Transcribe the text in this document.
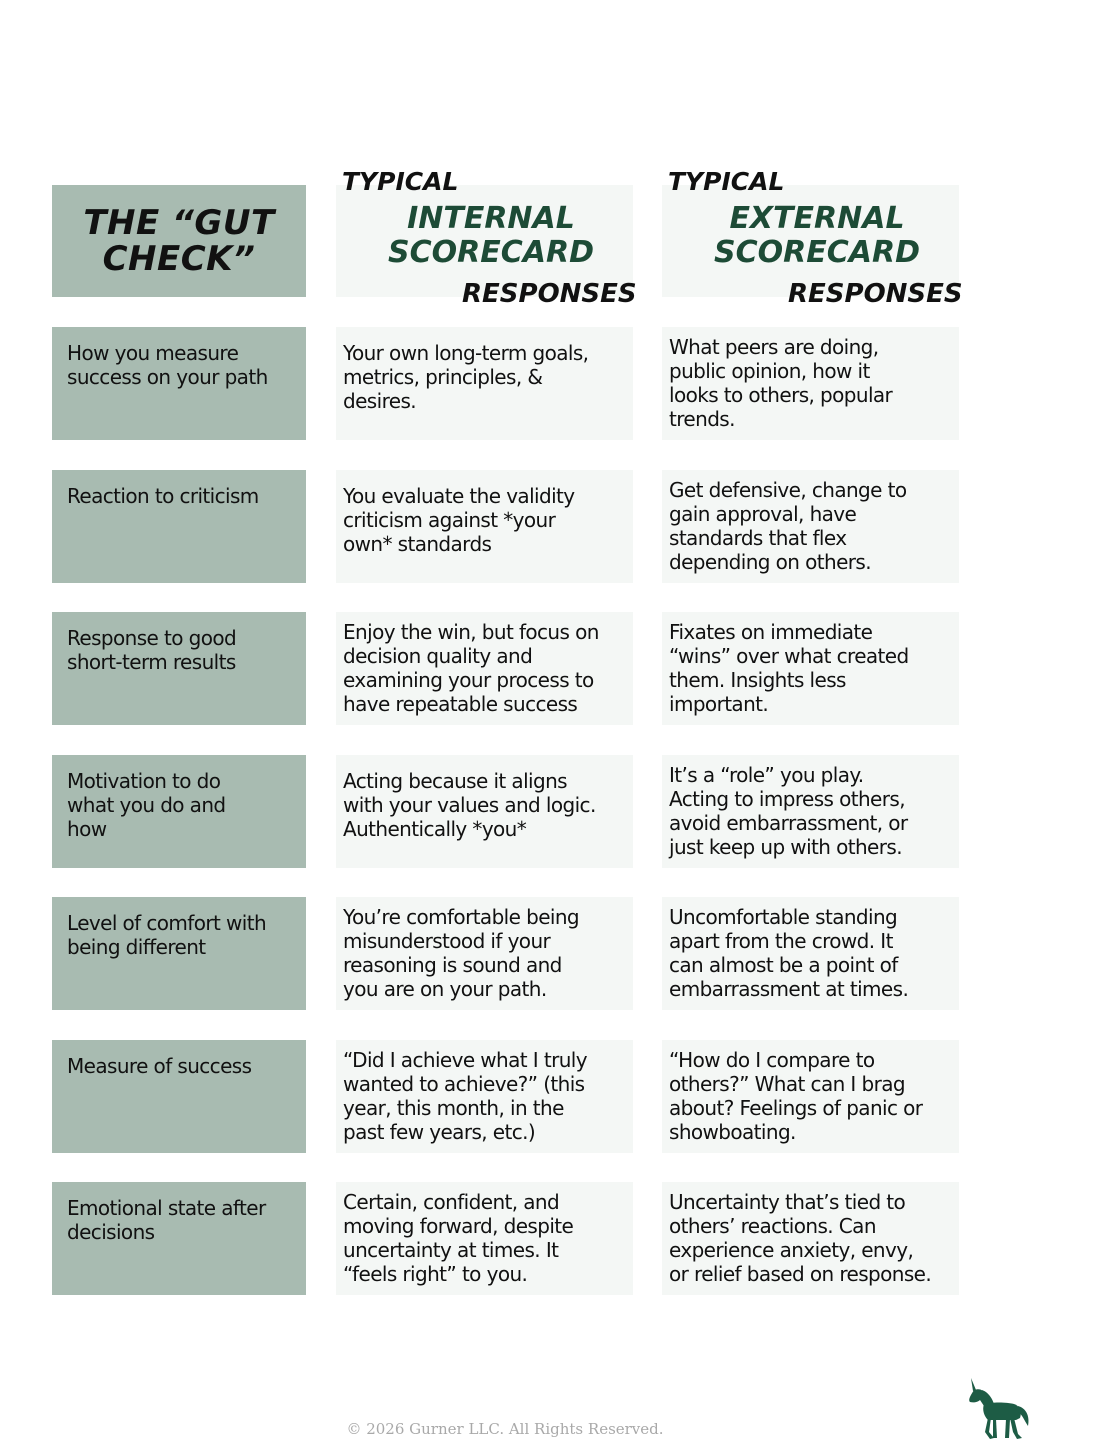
THE “GUT
CHECK”
TYPICAL
INTERNAL
SCORECARD
RESPONSES
TYPICAL
EXTERNAL
SCORECARD
RESPONSES
How you measure
success on your path
Your own long-term goals,
metrics, principles, &
desires.
What peers are doing,
public opinion, how it
looks to others, popular
trends.
Reaction to criticism	You evaluate the validity
criticism against *your
own* standards
Get defensive, change to
gain approval, have
standards that flex
depending on others.
Response to good
short-term results
Enjoy the win, but focus on
decision quality and
examining your process to
have repeatable success
Fixates on immediate
“wins” over what created
them. Insights less
important.
Motivation to do
what you do and
how
Acting because it aligns
with your values and logic.
Authentically *you*
It’s a “role” you play.
Acting to impress others,
avoid embarrassment, or
just keep up with others.
Level of comfort with
being different
You’re comfortable being
misunderstood if your
reasoning is sound and
you are on your path.
Uncomfortable standing
apart from the crowd. It
can almost be a point of
embarrassment at times.
Measure of success	“Did I achieve what I truly
wanted to achieve?” (this
year, this month, in the
past few years, etc.)
“How do I compare to
others?” What can I brag
about? Feelings of panic or
showboating.
Emotional state after
decisions
Certain, confident, and
moving forward, despite
uncertainty at times. It
“feels right” to you.
Uncertainty that’s tied to
others’ reactions. Can
experience anxiety, envy,
or relief based on response.
© 2026 Gurner LLC. All Rights Reserved.
